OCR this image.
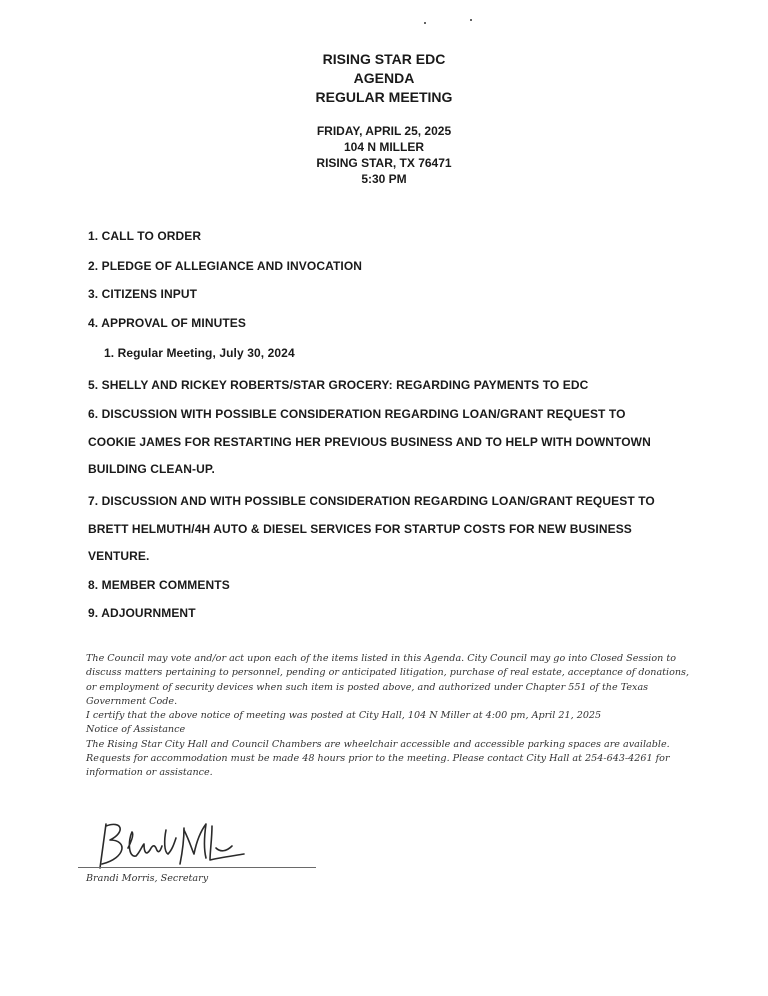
RISING STAR EDC
AGENDA
REGULAR MEETING
FRIDAY, APRIL 25, 2025
104 N MILLER
RISING STAR, TX 76471
5:30 PM
1. CALL TO ORDER
2. PLEDGE OF ALLEGIANCE AND INVOCATION
3. CITIZENS INPUT
4. APPROVAL OF MINUTES
1. Regular Meeting, July 30, 2024
5. SHELLY AND RICKEY ROBERTS/STAR GROCERY: REGARDING PAYMENTS TO EDC
6. DISCUSSION WITH POSSIBLE CONSIDERATION REGARDING LOAN/GRANT REQUEST TO
COOKIE JAMES FOR RESTARTING HER PREVIOUS BUSINESS AND TO HELP WITH DOWNTOWN
BUILDING CLEAN-UP.
7. DISCUSSION AND WITH POSSIBLE CONSIDERATION REGARDING LOAN/GRANT REQUEST TO
BRETT HELMUTH/4H AUTO & DIESEL SERVICES FOR STARTUP COSTS FOR NEW BUSINESS
VENTURE.
8. MEMBER COMMENTS
9. ADJOURNMENT

The Council may vote and/or act upon each of the items listed in this Agenda. City Council may go into Closed Session to discuss matters pertaining to personnel, pending or anticipated litigation, purchase of real estate, acceptance of donations, or employment of security devices when such item is posted above, and authorized under Chapter 551 of the Texas Government Code.

I certify that the above notice of meeting was posted at City Hall, 104 N Miller at 4:00 pm, April 21, 2025

Notice of Assistance

The Rising Star City Hall and Council Chambers are wheelchair accessible and accessible parking spaces are available. Requests for accommodation must be made 48 hours prior to the meeting. Please contact City Hall at 254-643-4261 for information or assistance.

Brandi Morris, Secretary
